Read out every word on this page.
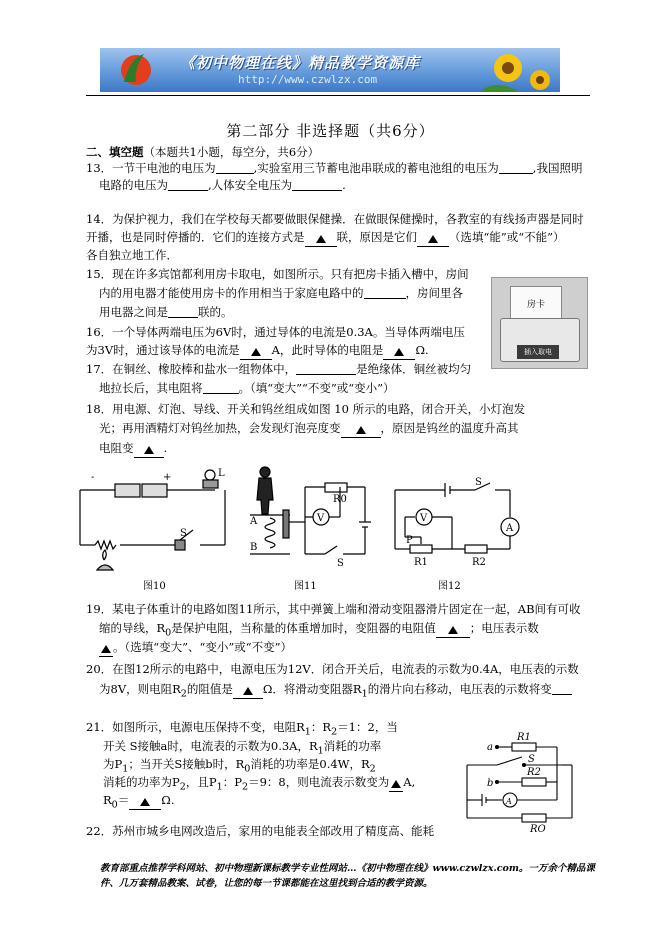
《初中物理在线》精品教学资源库
http://www.czwlzx.com
第二部分 非选择题（共6分）
二、填空题（本题共1小题，每空分，共6分）
13．一节干电池的电压为	,实验室用三节蓄电池串联成的蓄电池组的电压为	,我国照明
电路的电压为	,人体安全电压为	.
14．为保护视力，我们在学校每天都要做眼保健操．在做眼保健操时，各教室的有线扬声器是同时
开播，也是同时停播的．它们的连接方式是	联，原因是它们	（选填“能”或“不能”）
各自独立地工作．
15．现在许多宾馆都利用房卡取电，如图所示。只有把房卡插入槽中，房间
内的用电器才能使用房卡的作用相当于家庭电路中的	，房间里各
用电器之间是	联的。	房卡
插入取电
16．一个导体两端电压为6V时，通过导体的电流是0.3A。当导体两端电压
为3V时，通过该导体的电流是	A，此时导体的电阻是	Ω.
17．在铜丝、橡胶棒和盐水一组物体中，	是绝缘体．铜丝被均匀
地拉长后，其电阻将	。（填“变大”“不变”或“变小”）
18．用电源、灯泡、导线、开关和钨丝组成如图 10 所示的电路，闭合开关，小灯泡发
光；再用酒精灯对钨丝加热，会发现灯泡亮度变	，原因是钨丝的温度升高其
电阻变	.
-	+	L
S
图10
A
B
R0
V
S
图11
V
A
P
R1	R2
S
图12
19．某电子体重计的电路如图11所示，其中弹簧上端和滑动变阻器滑片固定在一起，AB间有可收
缩的导线，$R_0$是保护电阻，当称量的体重增加时，变阻器的电阻值	；电压表示数
。（选填“变大”、“变小”或“不变”）
20．在图12所示的电路中，电源电压为12V．闭合开关后，电流表的示数为0.4A，电压表的示数
为8V，则电阻$R_2$的阻值是	Ω．将滑动变阻器$R_1$的滑片向右移动，电压表的示数将变
21．如图所示，电源电压保持不变，电阻$R_1$：$R_2=1$：2，当
开关 S接触a时，电流表的示数为0.3A，$R_1$消耗的功率
为$P_1$；当开关S接触b时，$R_0$消耗的功率是0.4W，$R_2$
消耗的功率为$P_2$，且$P_1$：$P_2=9$：8，则电流表示数变为 A,
$R_0=$	Ω.
a
b
R1
R2
S
A
RO
22．苏州市城乡电网改造后，家用的电能表全部改用了精度高、能耗
教育部重点推荐学科网站、初中物理新课标教学专业性网站…《初中物理在线》www.czwlzx.com。一万余个精品课
件、几万套精品教案、试卷，让您的每一节课都能在这里找到合适的教学资源。
